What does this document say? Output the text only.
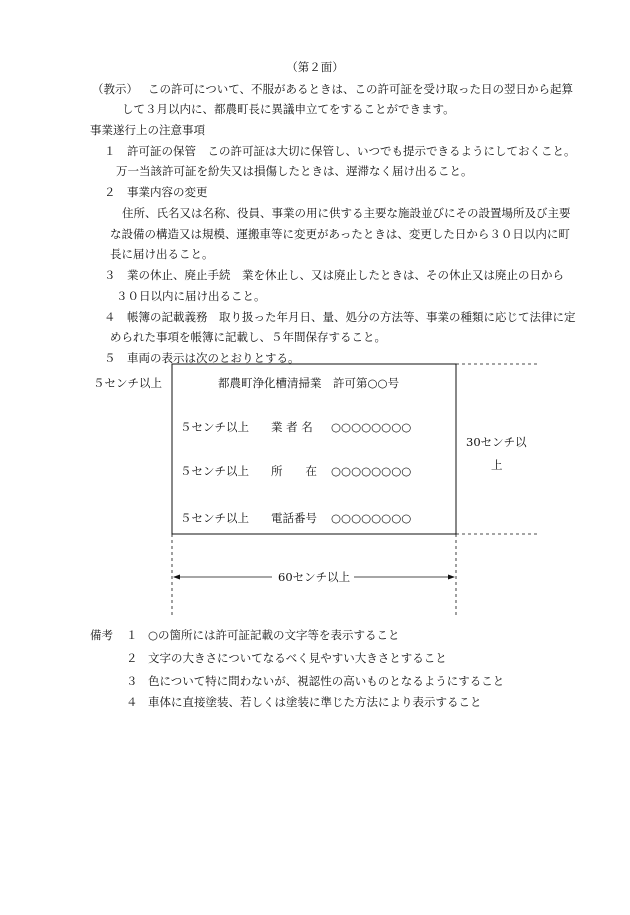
（第２面）
（教示） この許可について、不服があるときは、この許可証を受け取った日の翌日から起算
して３月以内に、都農町長に異議申立てをすることができます。
事業遂行上の注意事項
１　許可証の保管　この許可証は大切に保管し、いつでも提示できるようにしておくこと。
万一当該許可証を紛失又は損傷したときは、遅滞なく届け出ること。
２　事業内容の変更
住所、氏名又は名称、役員、事業の用に供する主要な施設並びにその設置場所及び主要
な設備の構造又は規模、運搬車等に変更があったときは、変更した日から３０日以内に町
長に届け出ること。
３　業の休止、廃止手続　業を休止し、又は廃止したときは、その休止又は廃止の日から
３０日以内に届け出ること。
４　帳簿の記載義務　取り扱った年月日、量、処分の方法等、事業の種類に応じて法律に定
められた事項を帳簿に記載し、５年間保存すること。
５　車両の表示は次のとおりとする。
５センチ以上	都農町浄化槽清掃業　許可第○○号
５センチ以上 業 者 名 ○○○○○○○○
５センチ以上 所　　在 ○○○○○○○○
５センチ以上 電話番号 ○○○○○○○○
30センチ以
上
60センチ以上
備考 １ ○の箇所には許可証記載の文字等を表示すること
２ 文字の大きさについてなるべく見やすい大きさとすること
３ 色について特に問わないが、視認性の高いものとなるようにすること
４ 車体に直接塗装、若しくは塗装に準じた方法により表示すること
